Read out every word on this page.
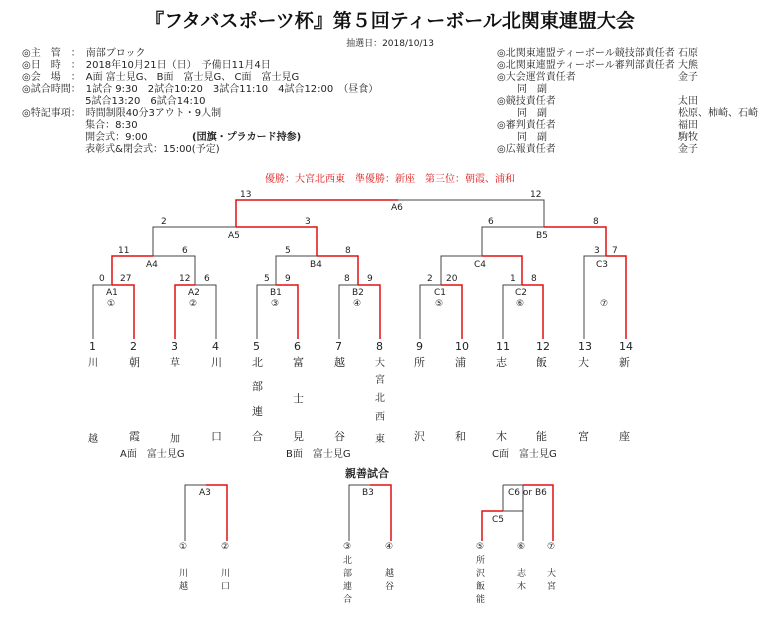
『フタバスポーツ杯』第５回ティーボール北関東連盟大会
抽選日：2018/10/13
◎主　管　：　南部ブロック
◎日　時　：　2018年10月21日（日）　予備日11月4日
◎会　場　：　A面 富士見G、 B面　富士見G、 C面　富士見G
◎試合時間：　1試合 9:30　2試合10:20　3試合11:10　4試合12:00　（昼食）
　　　　　　 5試合13:20　6試合14:10
◎特記事項：　時間制限40分3アウト・9人制
　　　　　　 集合：8:30
　　　　　　 開会式：9:00　	(団旗・プラカード持参)
　　　　　　 表彰式&閉会式：15:00(予定)
◎北関東連盟ティーボール競技部責任者 石原
◎北関東連盟ティーボール審判部責任者 大熊
◎大会運営責任者	金子
　　同　副
◎競技責任者	太田
　　同　副	松原、柿崎、石崎
◎審判責任者	福田
　　同　副	駒牧
◎広報責任者	金子
優勝：大宮北西東　準優勝：新座　第三位：朝霞、浦和
A6
13	12
A5	B5
2	3	6	8
A4	B4	C4	C3
11	6	5	8	3 7
A1	A2	B1	B2	C1	C2
①	②	③	④	⑤	⑥	⑦
0 27	12 6	5 9	8 9	2 20	1 8
1	2	3	4	5	6	7	8	9	10 11 12	13 14
川	朝	草	川	北	富	越	大	所	浦	志	飯	大	新
部
士
宮
北
連	西
越	霞	加	口	合	見	谷	東	沢	和	木	能	宮	座
A面　富士見G	B面　富士見G	C面　富士見G
親善試合
A3	B3	C6 or B6
C5
①	②	③	④	⑤	⑥ ⑦
川
越
川
口
北
部
連
合
越
谷
所
沢
飯
能
志
木
大
宮
